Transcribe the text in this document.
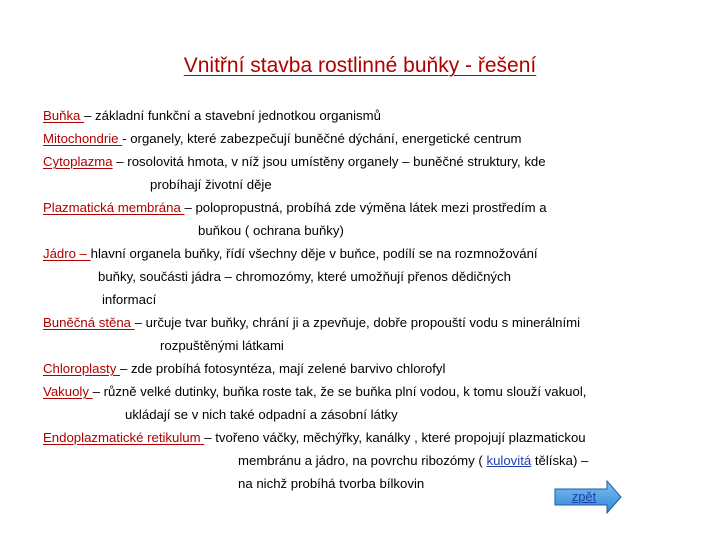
Vnitřní stavba rostlinné buňky - řešení
Buňka – základní funkční a stavební jednotkou organismů
Mitochondrie - organely, které zabezpečují buněčné dýchání, energetické centrum
Cytoplazma – rosolovitá hmota, v níž jsou umístěny organely – buněčné struktury, kde
probíhají životní děje
Plazmatická membrána – polopropustná, probíhá zde výměna látek mezi prostředím a
buňkou ( ochrana buňky)
Jádro – hlavní organela buňky, řídí všechny děje v buňce, podílí se na rozmnožování
buňky, součásti jádra – chromozómy, které umožňují přenos dědičných
informací
Buněčná stěna – určuje tvar buňky, chrání ji a zpevňuje, dobře propouští vodu s minerálními
rozpuštěnými látkami
Chloroplasty – zde probíhá fotosyntéza, mají zelené barvivo chlorofyl
Vakuoly – různě velké dutinky, buňka roste tak, že se buňka plní vodou, k tomu slouží vakuol,
ukládají se v nich také odpadní a zásobní látky
Endoplazmatické retikulum – tvořeno váčky, měchýřky, kanálky , které propojují plazmatickou
membránu a jádro, na povrchu ribozómy ( kulovitá tělíska) –
na nichž probíhá tvorba bílkovin
zpět
